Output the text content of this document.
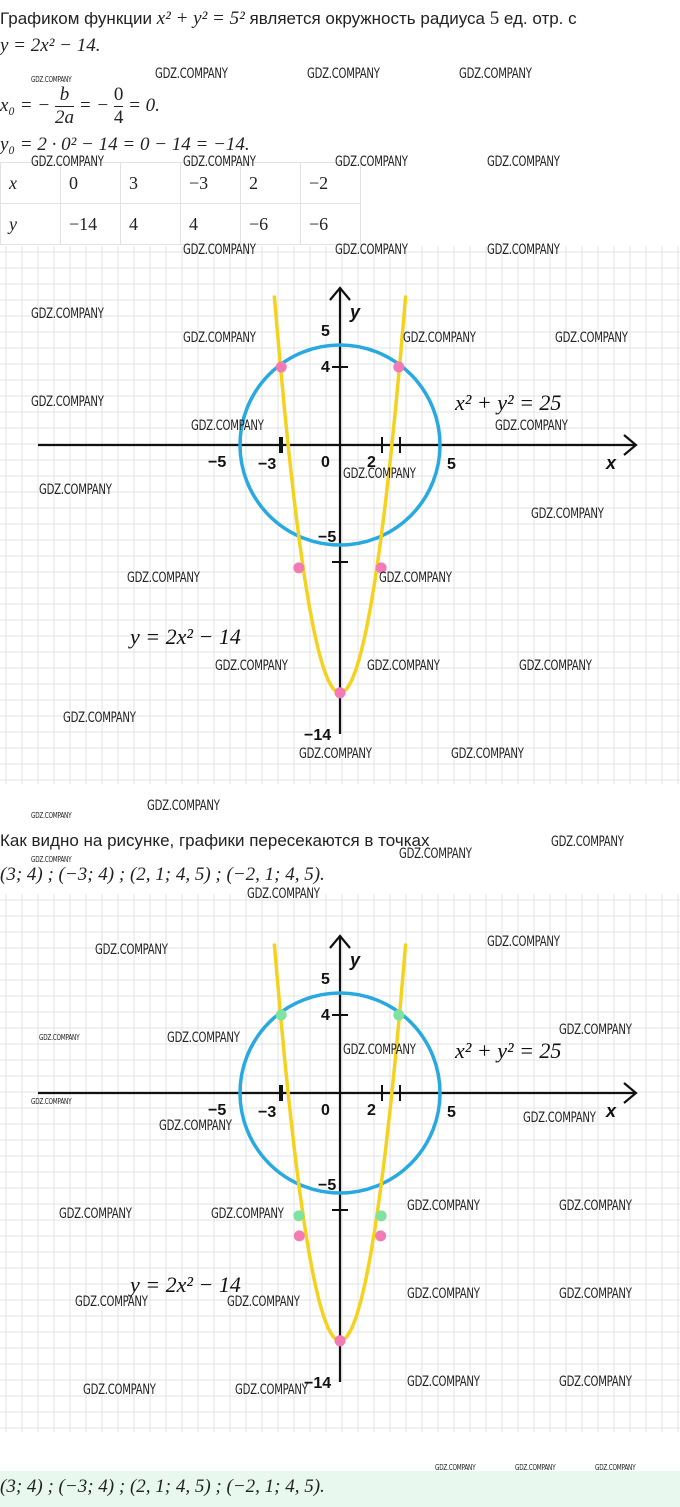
Графиком функции x² + y² = 5² является окружность радиуса 5 ед. отр. с
y = 2x² − 14.
x₀ = − $\frac{b}{2a}$ = − $\frac{0}{4} = 0$.
y₀ = 2 · 0² − 14 = 0 − 14 = −14.
x	0	3	−3	2	−2
y	−14	4	4	−6	−6
−5 −3	0 2	5
5
4
−5
−14
x
y
x² + y² = 25
y = 2x² − 14
Как видно на рисунке, графики пересекаются в точках
(3; 4) ; (−3; 4) ; (2, 1; 4, 5) ; (−2, 1; 4, 5).
−5 −3	0 2	5
5
4
−5
−14
x
y
x² + y² = 25
y = 2x² − 14
(3; 4) ; (−3; 4) ; (2, 1; 4, 5) ; (−2, 1; 4, 5).
GDZ.COMPANY	GDZ.COMPANY	GDZ.COMPANY
GDZ.COMPANY
GDZ.COMPANY	GDZ.COMPANY	GDZ.COMPANY	GDZ.COMPANY
GDZ.COMPANY	GDZ.COMPANY	GDZ.COMPANY
GDZ.COMPANY
GDZ.COMPANY	GDZ.COMPANY	GDZ.COMPANY
GDZ.COMPANY
GDZ.COMPANY	GDZ.COMPANY
GDZ.COMPANY
GDZ.COMPANY
GDZ.COMPANY
GDZ.COMPANY	GDZ.COMPANY
GDZ.COMPANY	GDZ.COMPANY	GDZ.COMPANY
GDZ.COMPANY
GDZ.COMPANY	GDZ.COMPANY
GDZ.COMPANY
GDZ.COMPANY
GDZ.COMPANY
GDZ.COMPANY
GDZ.COMPANY
GDZ.COMPANY
GDZ.COMPANY
GDZ.COMPANY
GDZ.COMPANY
GDZ.COMPANY	GDZ.COMPANY
GDZ.COMPANY
GDZ.COMPANY
GDZ.COMPANY
GDZ.COMPANY
GDZ.COMPANY	GDZ.COMPANY	GDZ.COMPANY	GDZ.COMPANY
GDZ.COMPANY	GDZ.COMPANY	GDZ.COMPANY	GDZ.COMPANY
GDZ.COMPANY	GDZ.COMPANY	GDZ.COMPANY	GDZ.COMPANY
GDZ.COMPANY	GDZ.COMPANY	GDZ.COMPANY
